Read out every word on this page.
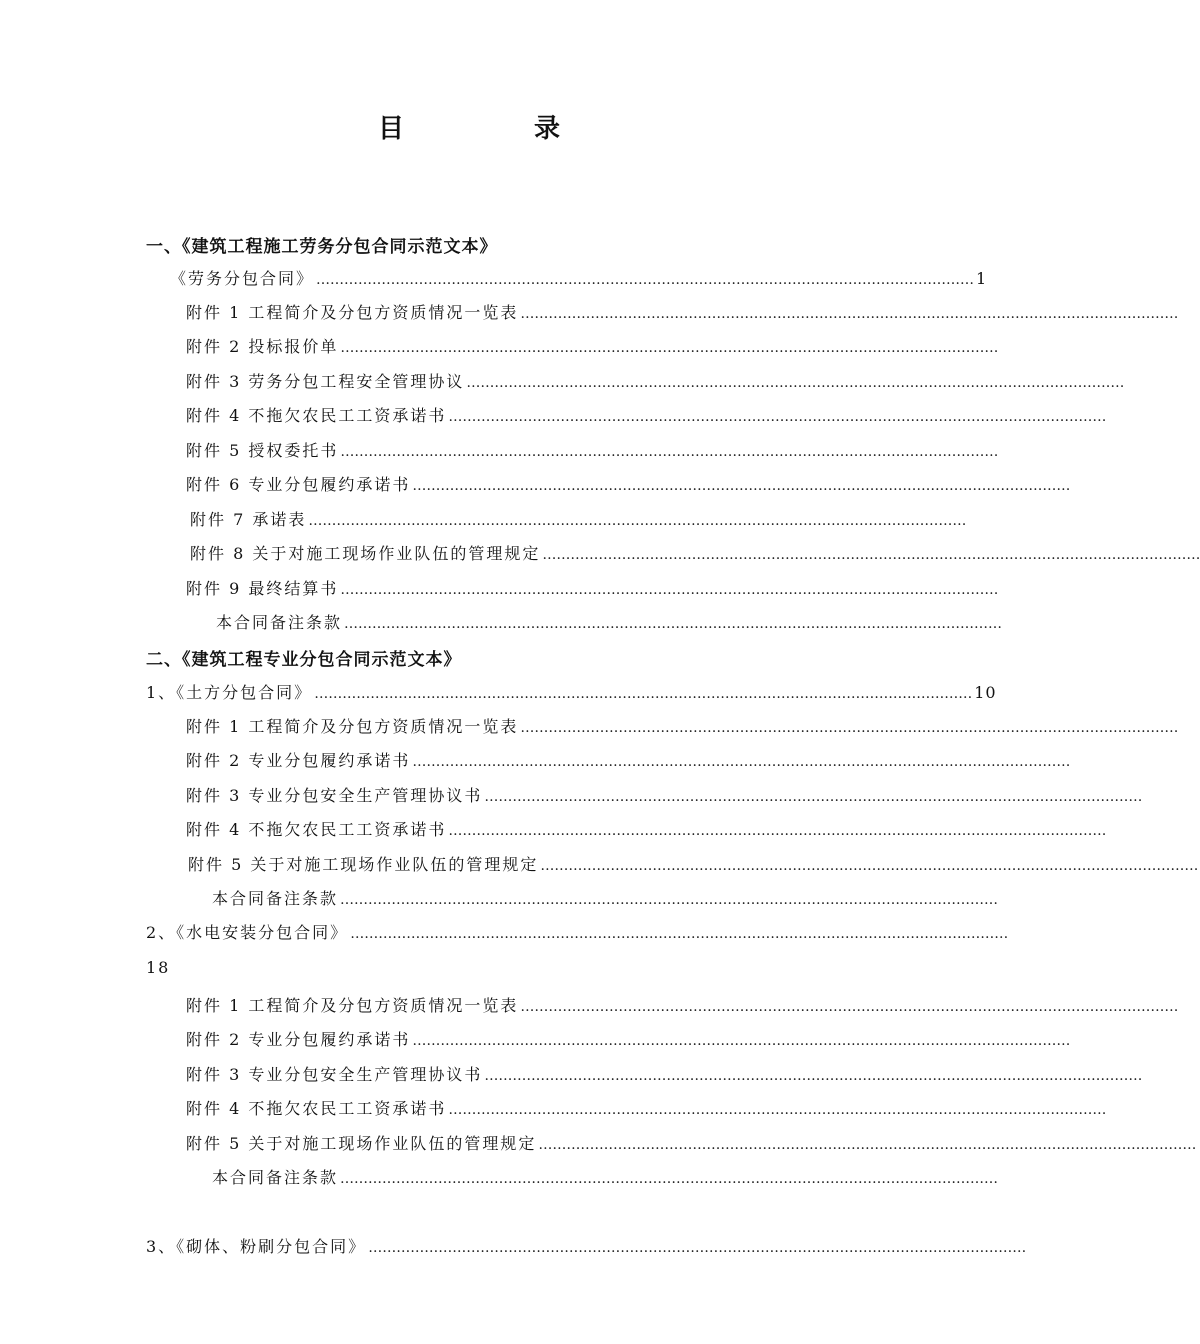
目　录
一、《建筑工程施工劳务分包合同示范文本》
《劳务分包合同》 …………………………………………………………………………………………………………………………… 1
附件 1 工程简介及分包方资质情况一览表 ……………………………………………………………………………………………………………………………
附件 2 投标报价单 ……………………………………………………………………………………………………………………………
附件 3 劳务分包工程安全管理协议 ……………………………………………………………………………………………………………………………
附件 4 不拖欠农民工工资承诺书 ……………………………………………………………………………………………………………………………
附件 5 授权委托书 ……………………………………………………………………………………………………………………………
附件 6 专业分包履约承诺书 ……………………………………………………………………………………………………………………………
附件 7 承诺表 ……………………………………………………………………………………………………………………………
附件 8 关于对施工现场作业队伍的管理规定 ……………………………………………………………………………………………………………………………
附件 9 最终结算书 ……………………………………………………………………………………………………………………………
本合同备注条款 ……………………………………………………………………………………………………………………………
二、《建筑工程专业分包合同示范文本》
1、《土方分包合同》 …………………………………………………………………………………………………………………………… 10
附件 1 工程简介及分包方资质情况一览表 ……………………………………………………………………………………………………………………………
附件 2 专业分包履约承诺书 ……………………………………………………………………………………………………………………………
附件 3 专业分包安全生产管理协议书 ……………………………………………………………………………………………………………………………
附件 4 不拖欠农民工工资承诺书 ……………………………………………………………………………………………………………………………
附件 5 关于对施工现场作业队伍的管理规定 ……………………………………………………………………………………………………………………………
本合同备注条款 ……………………………………………………………………………………………………………………………
2、《水电安装分包合同》 ……………………………………………………………………………………………………………………………
18
附件 1 工程简介及分包方资质情况一览表 ……………………………………………………………………………………………………………………………
附件 2 专业分包履约承诺书 ……………………………………………………………………………………………………………………………
附件 3 专业分包安全生产管理协议书 ……………………………………………………………………………………………………………………………
附件 4 不拖欠农民工工资承诺书 ……………………………………………………………………………………………………………………………
附件 5 关于对施工现场作业队伍的管理规定 ……………………………………………………………………………………………………………………………
本合同备注条款 ……………………………………………………………………………………………………………………………
3、《砌体、粉刷分包合同》 ……………………………………………………………………………………………………………………………
